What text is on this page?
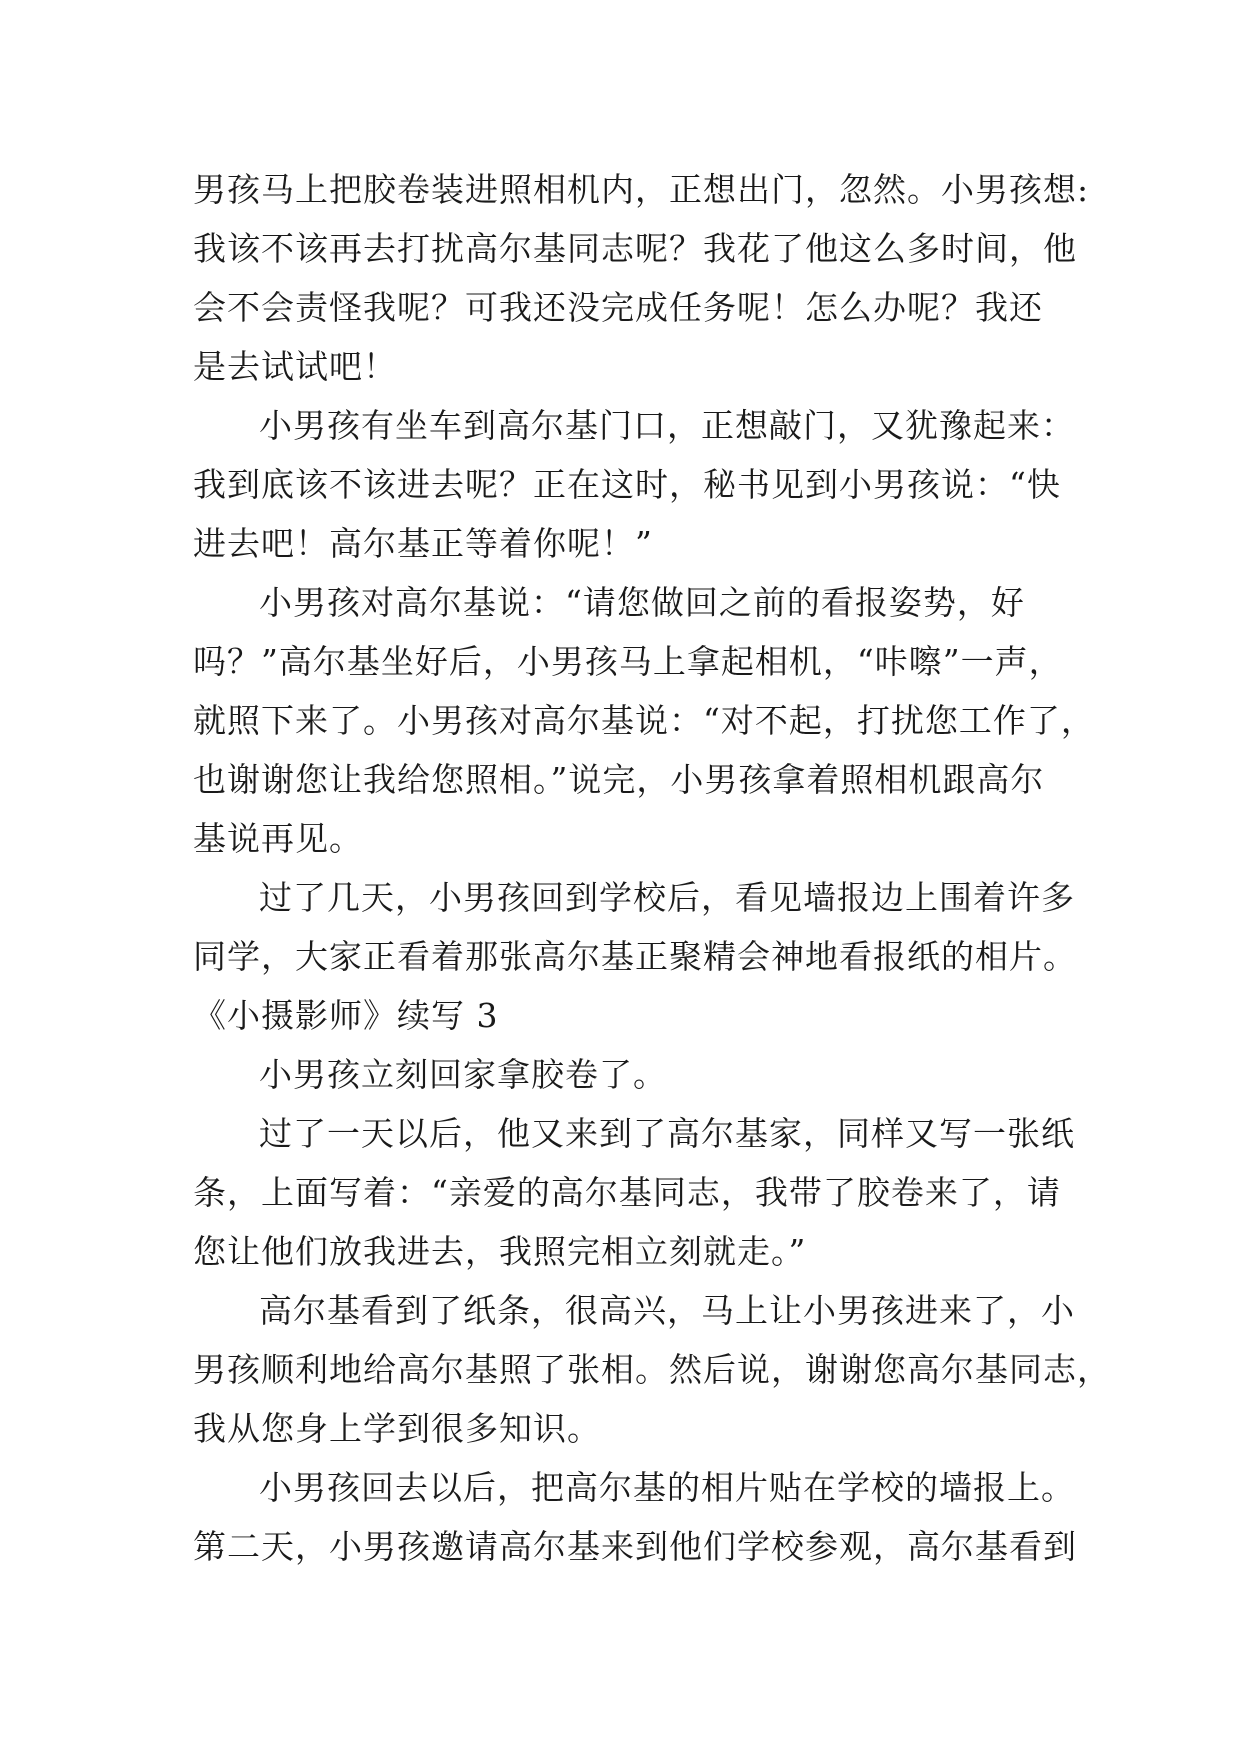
男孩马上把胶卷装进照相机内，正想出门，忽然。小男孩想:
我该不该再去打扰高尔基同志呢？我花了他这么多时间，他
会不会责怪我呢？可我还没完成任务呢！怎么办呢？我还
是去试试吧！

小男孩有坐车到高尔基门口，正想敲门，又犹豫起来：
我到底该不该进去呢？正在这时，秘书见到小男孩说：“快
进去吧！高尔基正等着你呢！”

小男孩对高尔基说：“请您做回之前的看报姿势，好
吗？”高尔基坐好后，小男孩马上拿起相机，“咔嚓”一声，
就照下来了。小男孩对高尔基说：“对不起，打扰您工作了，
也谢谢您让我给您照相。”说完，小男孩拿着照相机跟高尔
基说再见。

过了几天，小男孩回到学校后，看见墙报边上围着许多
同学，大家正看着那张高尔基正聚精会神地看报纸的相片。

《小摄影师》续写 3

小男孩立刻回家拿胶卷了。

过了一天以后，他又来到了高尔基家，同样又写一张纸
条，上面写着：“亲爱的高尔基同志，我带了胶卷来了，请
您让他们放我进去，我照完相立刻就走。”

高尔基看到了纸条，很高兴，马上让小男孩进来了，小
男孩顺利地给高尔基照了张相。然后说，谢谢您高尔基同志，
我从您身上学到很多知识。

小男孩回去以后，把高尔基的相片贴在学校的墙报上。
第二天，小男孩邀请高尔基来到他们学校参观，高尔基看到
